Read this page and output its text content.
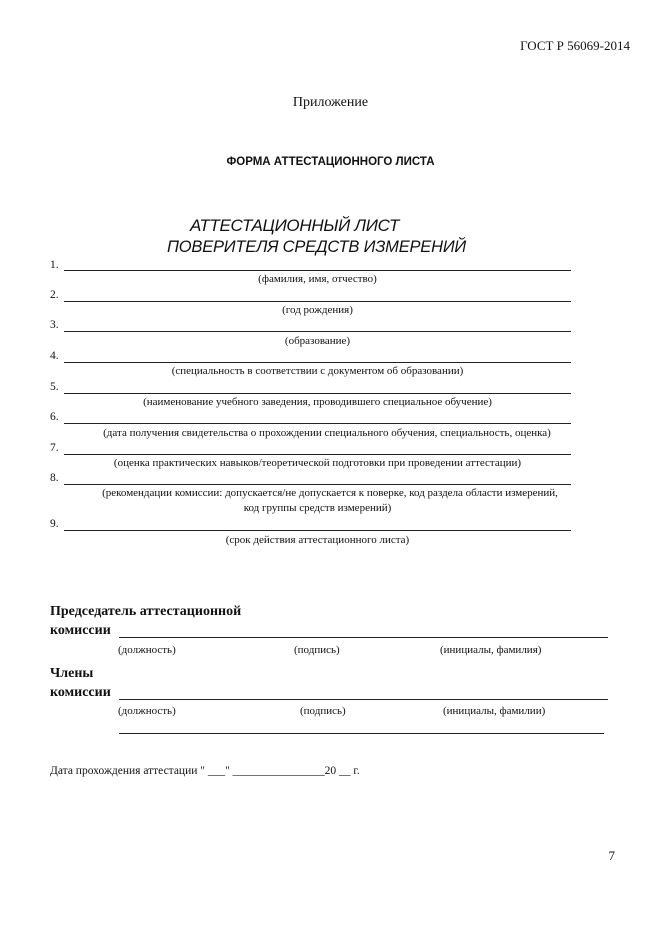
ГОСТ Р 56069-2014
Приложение
ФОРМА АТТЕСТАЦИОННОГО ЛИСТА
АТТЕСТАЦИОННЫЙ ЛИСТ
ПОВЕРИТЕЛЯ СРЕДСТВ ИЗМЕРЕНИЙ
1.
(фамилия, имя, отчество)
2.
(год рождения)
3.
(образование)
4.
(специальность в соответствии с документом об образовании)
5.
(наименование учебного заведения, проводившего специальное обучение)
6.
(дата получения свидетельства о прохождении специального обучения, специальность, оценка)
7.
(оценка практических навыков/теоретической подготовки при проведении аттестации)
8.
(рекомендации комиссии: допускается/не допускается к поверке, код раздела области измерений,
код группы средств измерений)
9.
(срок действия аттестационного листа)
Председатель аттестационной
комиссии
(должность)	(подпись)	(инициалы, фамилия)
Члены
комиссии
(должность)	(подпись)	(инициалы, фамилии)
Дата прохождения аттестации " ___" ________________20 __ г.
7
